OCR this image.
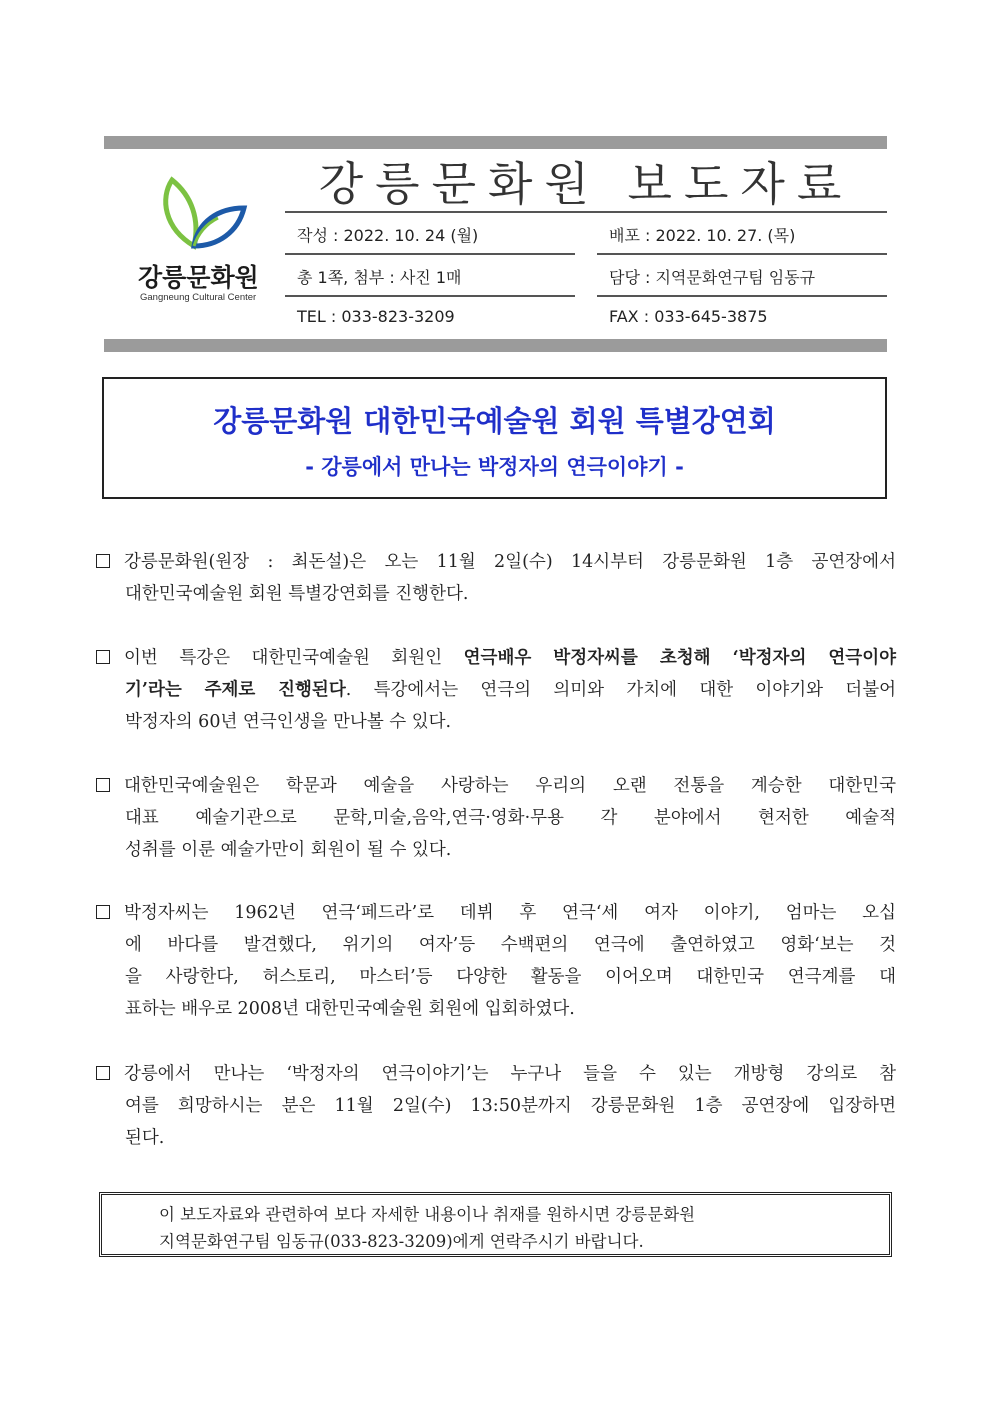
강릉문화원
Gangneung Cultural Center
강릉문화원 보도자료
작성 : 2022. 10. 24 (월)	배포 : 2022. 10. 27. (목)
총 1쪽, 첨부 : 사진 1매	담당 : 지역문화연구팀 임동규
TEL : 033-823-3209	FAX : 033-645-3875
강릉문화원 대한민국예술원 회원 특별강연회
- 강릉에서 만나는 박정자의 연극이야기 -
강릉문화원(원장 : 최돈설)은 오는 11월 2일(수) 14시부터 강릉문화원 1층 공연장에서
대한민국예술원 회원 특별강연회를 진행한다.
이번 특강은 대한민국예술원 회원인 연극배우 박정자씨를 초청해 ‘박정자의 연극이야
기’라는 주제로 진행된다. 특강에서는 연극의 의미와 가치에 대한 이야기와 더불어
박정자의 60년 연극인생을 만나볼 수 있다.
대한민국예술원은 학문과 예술을 사랑하는 우리의 오랜 전통을 계승한 대한민국
대표 예술기관으로 문학,미술,음악,연극·영화·무용 각 분야에서 현저한 예술적
성취를 이룬 예술가만이 회원이 될 수 있다.
박정자씨는 1962년 연극‘페드라’로 데뷔 후 연극‘세 여자 이야기, 엄마는 오십
에 바다를 발견했다, 위기의 여자’등 수백편의 연극에 출연하였고 영화‘보는 것
을 사랑한다, 허스토리, 마스터’등 다양한 활동을 이어오며 대한민국 연극계를 대
표하는 배우로 2008년 대한민국예술원 회원에 입회하였다.
강릉에서 만나는 ‘박정자의 연극이야기’는 누구나 들을 수 있는 개방형 강의로 참
여를 희망하시는 분은 11월 2일(수) 13:50분까지 강릉문화원 1층 공연장에 입장하면
된다.
이 보도자료와 관련하여 보다 자세한 내용이나 취재를 원하시면 강릉문화원
지역문화연구팀 임동규(033-823-3209)에게 연락주시기 바랍니다.
